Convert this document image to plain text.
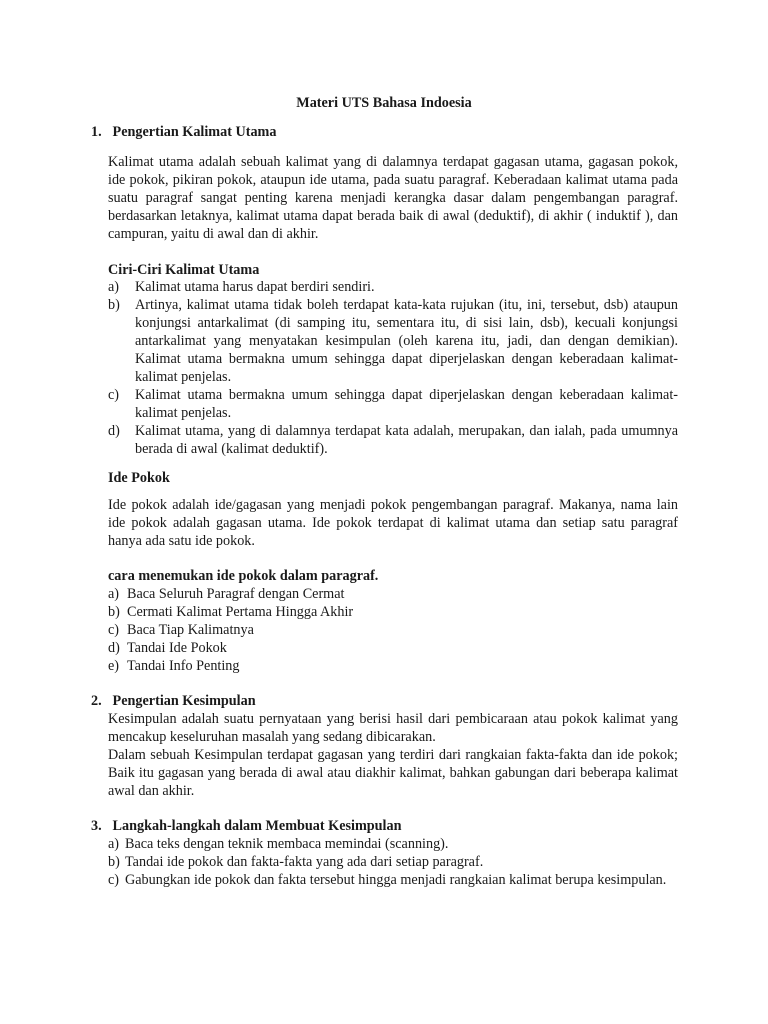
Materi UTS Bahasa Indoesia
1. Pengertian Kalimat Utama
Kalimat utama adalah sebuah kalimat yang di dalamnya terdapat gagasan utama, gagasan pokok, ide pokok, pikiran pokok, ataupun ide utama, pada suatu paragraf. Keberadaan kalimat utama pada suatu paragraf sangat penting karena menjadi kerangka dasar dalam pengembangan paragraf. berdasarkan letaknya, kalimat utama dapat berada baik di awal (deduktif), di akhir ( induktif ), dan campuran, yaitu di awal dan di akhir.
Ciri-Ciri Kalimat Utama
a) Kalimat utama harus dapat berdiri sendiri.
b) Artinya, kalimat utama tidak boleh terdapat kata-kata rujukan (itu, ini, tersebut, dsb) ataupun konjungsi antarkalimat (di samping itu, sementara itu, di sisi lain, dsb), kecuali konjungsi antarkalimat yang menyatakan kesimpulan (oleh karena itu, jadi, dan dengan demikian). Kalimat utama bermakna umum sehingga dapat diperjelaskan dengan keberadaan kalimat-kalimat penjelas.
c) Kalimat utama bermakna umum sehingga dapat diperjelaskan dengan keberadaan kalimat-kalimat penjelas.
d) Kalimat utama, yang di dalamnya terdapat kata adalah, merupakan, dan ialah, pada umumnya berada di awal (kalimat deduktif).
Ide Pokok
Ide pokok adalah ide/gagasan yang menjadi pokok pengembangan paragraf. Makanya, nama lain ide pokok adalah gagasan utama. Ide pokok terdapat di kalimat utama dan setiap satu paragraf hanya ada satu ide pokok.
cara menemukan ide pokok dalam paragraf.
a) Baca Seluruh Paragraf dengan Cermat
b) Cermati Kalimat Pertama Hingga Akhir
c) Baca Tiap Kalimatnya
d) Tandai Ide Pokok
e) Tandai Info Penting
2. Pengertian Kesimpulan
Kesimpulan adalah suatu pernyataan yang berisi hasil dari pembicaraan atau pokok kalimat yang mencakup keseluruhan masalah yang sedang dibicarakan.
Dalam sebuah Kesimpulan terdapat gagasan yang terdiri dari rangkaian fakta-fakta dan ide pokok; Baik itu gagasan yang berada di awal atau diakhir kalimat, bahkan gabungan dari beberapa kalimat awal dan akhir.
3. Langkah-langkah dalam Membuat Kesimpulan
a) Baca teks dengan teknik membaca memindai (scanning).
b) Tandai ide pokok dan fakta-fakta yang ada dari setiap paragraf.
c) Gabungkan ide pokok dan fakta tersebut hingga menjadi rangkaian kalimat berupa kesimpulan.
